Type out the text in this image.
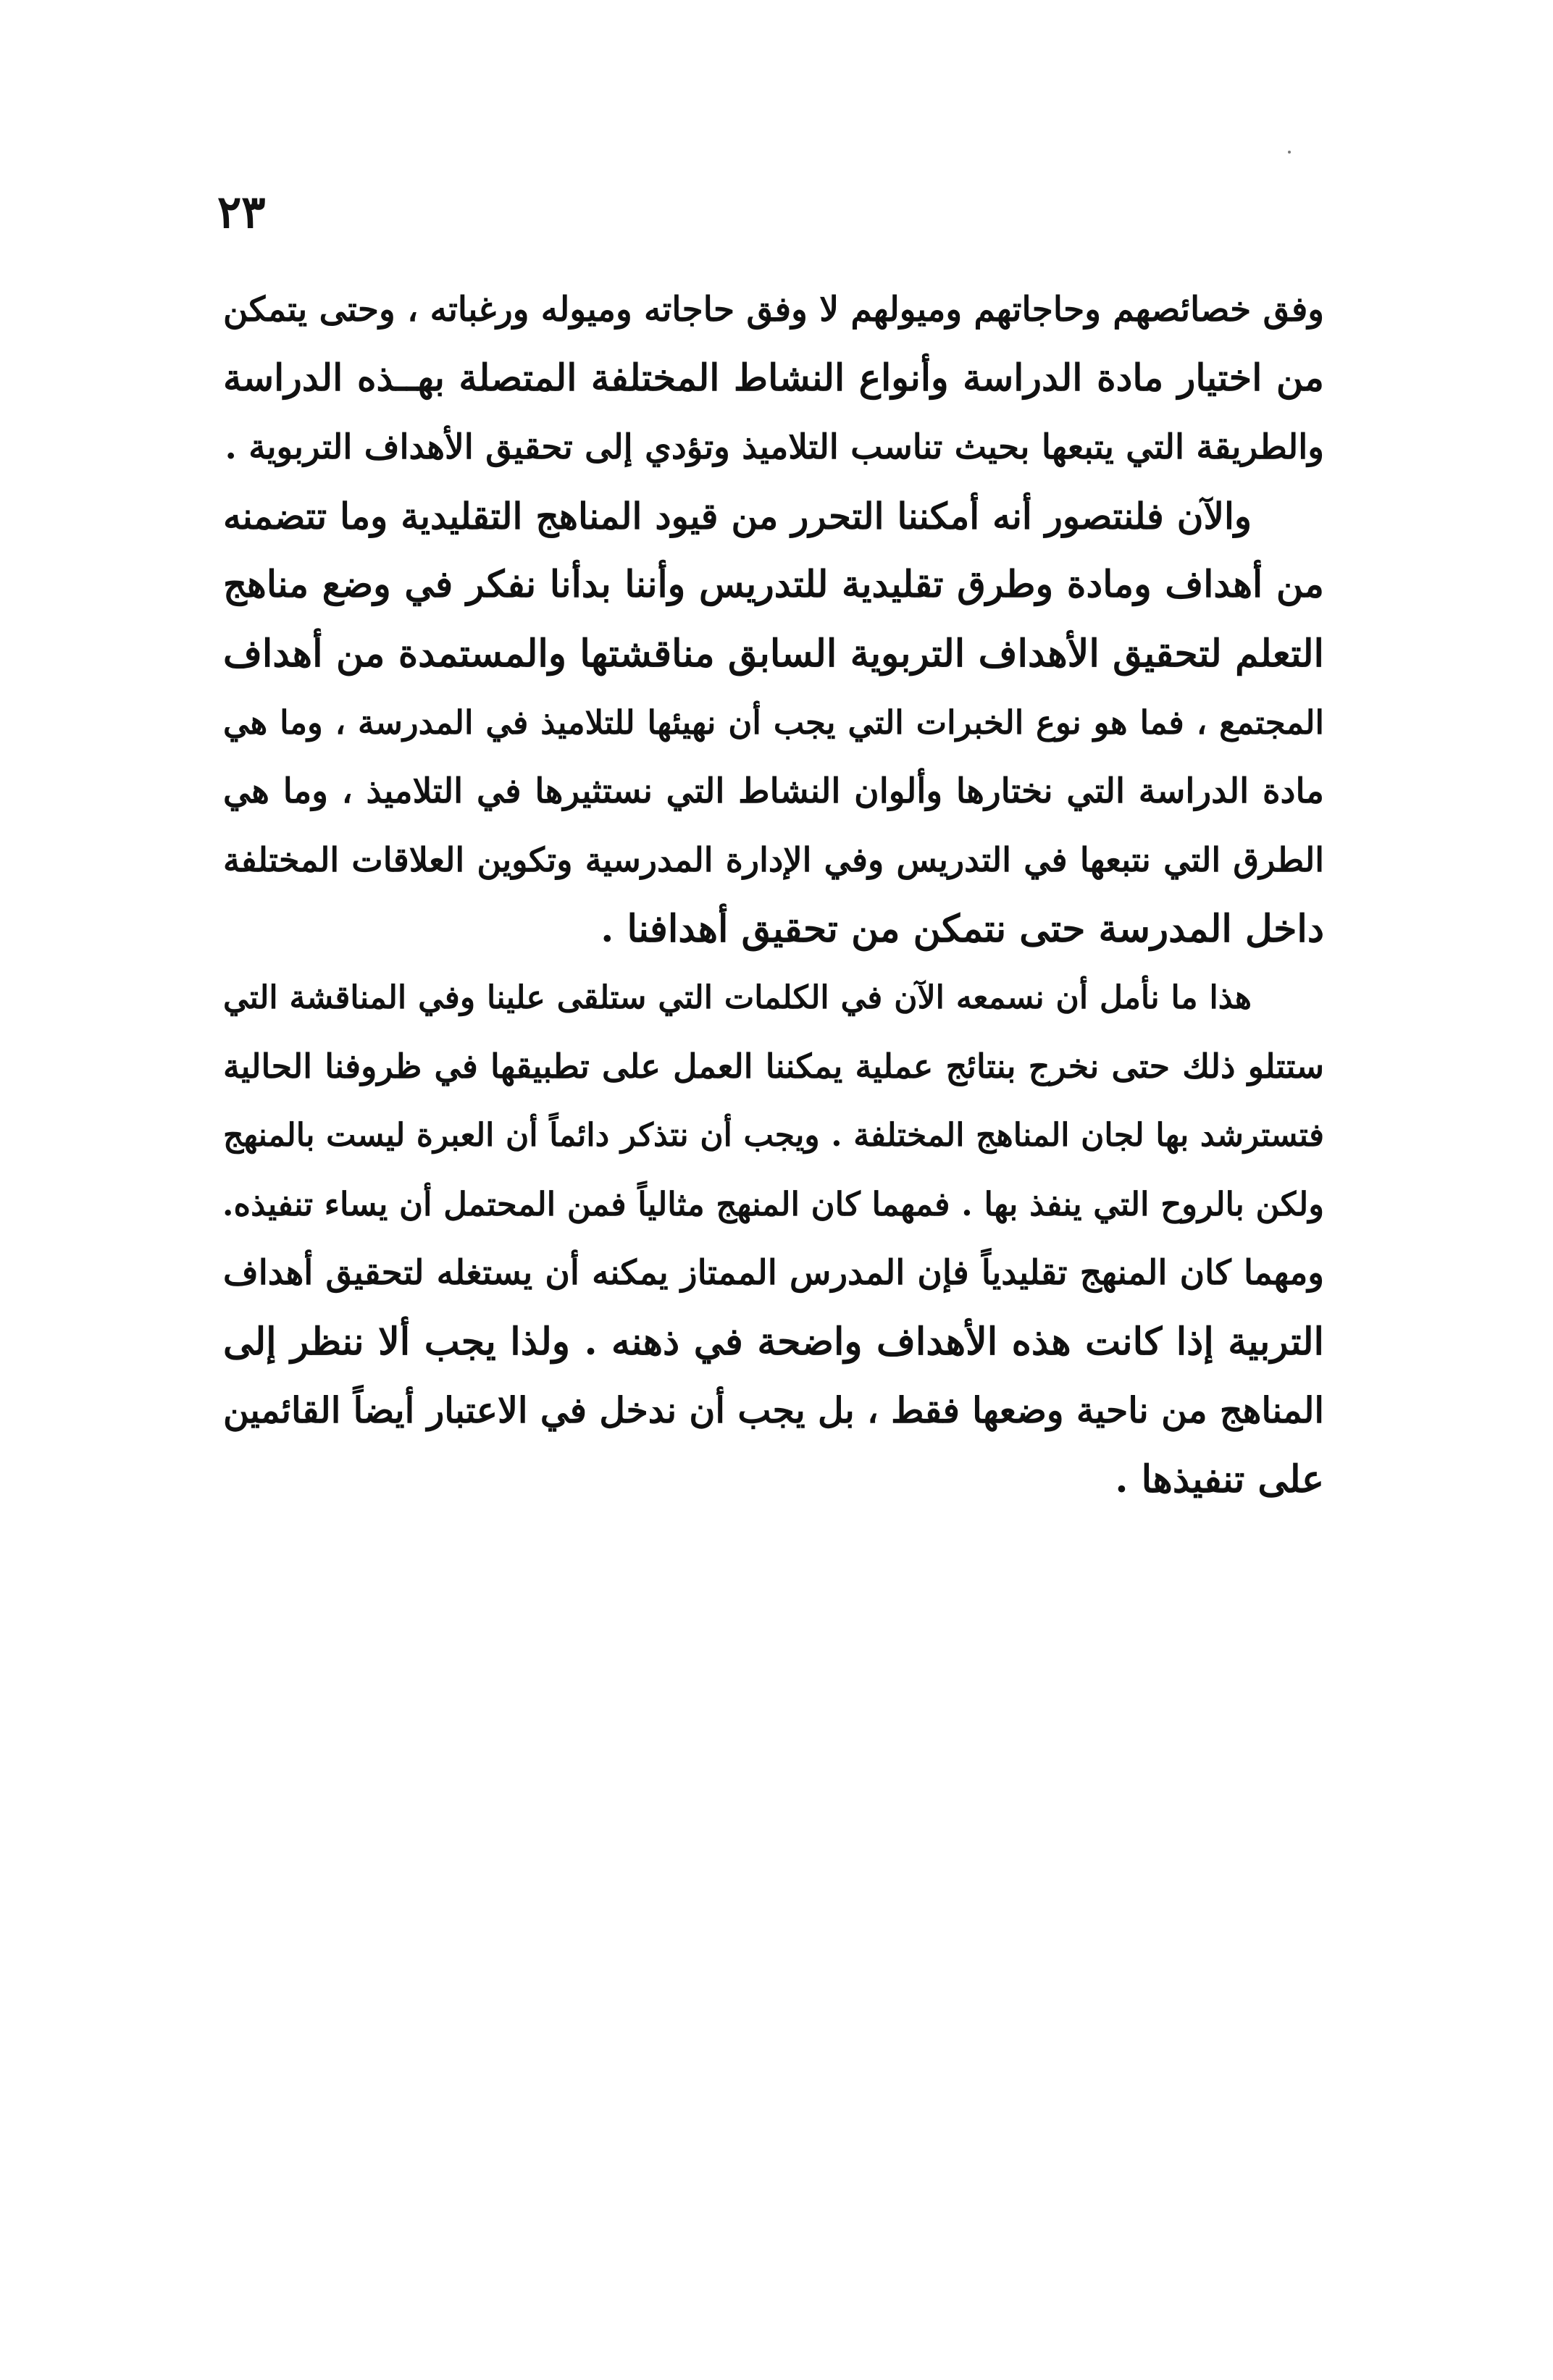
٢٣
وفق خصائصهم وحاجاتهم وميولهم لا وفق حاجاته وميوله ورغباته ، وحتى يتمكن
من اختيار مادة الدراسة وأنواع النشاط المختلفة المتصلة بهــذه الدراسة
والطريقة التي يتبعها بحيث تناسب التلاميذ وتؤدي إلى تحقيق الأهداف التربوية .
والآن فلنتصور أنه أمكننا التحرر من قيود المناهج التقليدية وما تتضمنه
من أهداف ومادة وطرق تقليدية للتدريس وأننا بدأنا نفكر في وضع مناهج
التعلم لتحقيق الأهداف التربوية السابق مناقشتها والمستمدة من أهداف
المجتمع ، فما هو نوع الخبرات التي يجب أن نهيئها للتلاميذ في المدرسة ، وما هي
مادة الدراسة التي نختارها وألوان النشاط التي نستثيرها في التلاميذ ، وما هي
الطرق التي نتبعها في التدريس وفي الإدارة المدرسية وتكوين العلاقات المختلفة
داخل المدرسة حتى نتمكن من تحقيق أهدافنا .
هذا ما نأمل أن نسمعه الآن في الكلمات التي ستلقى علينا وفي المناقشة التي
ستتلو ذلك حتى نخرج بنتائج عملية يمكننا العمل على تطبيقها في ظروفنا الحالية
فتسترشد بها لجان المناهج المختلفة . ويجب أن نتذكر دائماً أن العبرة ليست بالمنهج
ولكن بالروح التي ينفذ بها . فمهما كان المنهج مثالياً فمن المحتمل أن يساء تنفيذه.
ومهما كان المنهج تقليدياً فإن المدرس الممتاز يمكنه أن يستغله لتحقيق أهداف
التربية إذا كانت هذه الأهداف واضحة في ذهنه . ولذا يجب ألا ننظر إلى
المناهج من ناحية وضعها فقط ، بل يجب أن ندخل في الاعتبار أيضاً القائمين
على تنفيذها .
